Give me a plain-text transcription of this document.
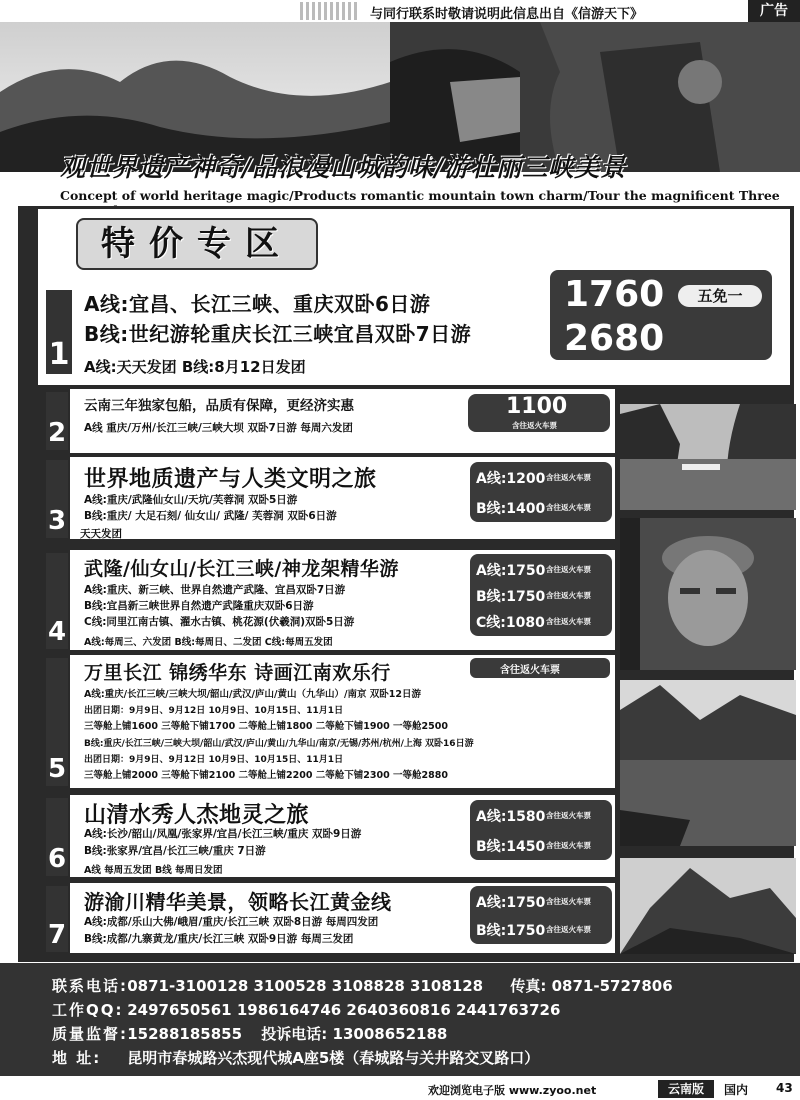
与同行联系时敬请说明此信息出自《信游天下》	广告
观世界遗产神奇/品浪漫山城韵味/游壮丽三峡美景
Concept of world heritage magic/Products romantic mountain town charm/Tour the magnificent Three
特价专区
1
A线:宜昌、长江三峡、重庆双卧6日游
B线:世纪游轮重庆长江三峡宜昌双卧7日游
A线:天天发团 B线:8月12日发团
1760
2680
五免一
2
云南三年独家包船，品质有保障，更经济实惠
A线 重庆/万州/长江三峡/三峡大坝 双卧7日游 每周六发团
1100
含往返火车票
3
世界地质遗产与人类文明之旅
A线:重庆/武隆仙女山/天坑/芙蓉洞 双卧5日游
B线:重庆/ 大足石刻/ 仙女山/ 武隆/ 芙蓉洞 双卧6日游
天天发团
A线:1200 含往返火车票
B线:1400 含往返火车票
4
武隆/仙女山/长江三峡/神龙架精华游
A线:重庆、新三峡、世界自然遗产武隆、宜昌双卧7日游
B线:宜昌新三峡世界自然遗产武隆重庆双卧6日游
C线:同里江南古镇、濯水古镇、桃花源(伏羲洞)双卧5日游
A线:每周三、六发团 B线:每周日、二发团 C线:每周五发团
A线:1750 含往返火车票
B线:1750 含往返火车票
C线:1080 含往返火车票
5
万里长江 锦绣华东 诗画江南欢乐行	含往返火车票
A线:重庆/长江三峡/三峡大坝/韶山/武汉/庐山/黄山（九华山）/南京 双卧12日游
出团日期：9月9日、9月12日 10月9日、10月15日、11月1日
三等舱上铺1600 三等舱下铺1700 二等舱上铺1800 二等舱下铺1900 一等舱2500
B线:重庆/长江三峡/三峡大坝/韶山/武汉/庐山/黄山/九华山/南京/无锡/苏州/杭州/上海 双卧16日游
出团日期：9月9日、9月12日 10月9日、10月15日、11月1日
三等舱上铺2000 三等舱下铺2100 二等舱上铺2200 二等舱下铺2300 一等舱2880
6
山清水秀人杰地灵之旅
A线:长沙/韶山/凤凰/张家界/宜昌/长江三峡/重庆 双卧9日游
B线:张家界/宜昌/长江三峡/重庆 7日游
A线 每周五发团 B线 每周日发团
A线:1580 含往返火车票
B线:1450 含往返火车票
7
游渝川精华美景，领略长江黄金线
A线:成都/乐山大佛/峨眉/重庆/长江三峡 双卧8日游 每周四发团
B线:成都/九寨黄龙/重庆/长江三峡 双卧9日游 每周三发团
A线:1750 含往返火车票
B线:1750 含往返火车票
联系电话: 0871-3100128 3100528 3108828 3108128 传真: 0871-5727806
工作QQ: 2497650561 1986164746 2640360816 2441763726
质量监督: 15288185855 投诉电话: 13008652188
地 址: 昆明市春城路兴杰现代城A座5楼（春城路与关井路交叉路口）
欢迎浏览电子版 www.zyoo.net	云南版	国内 43
